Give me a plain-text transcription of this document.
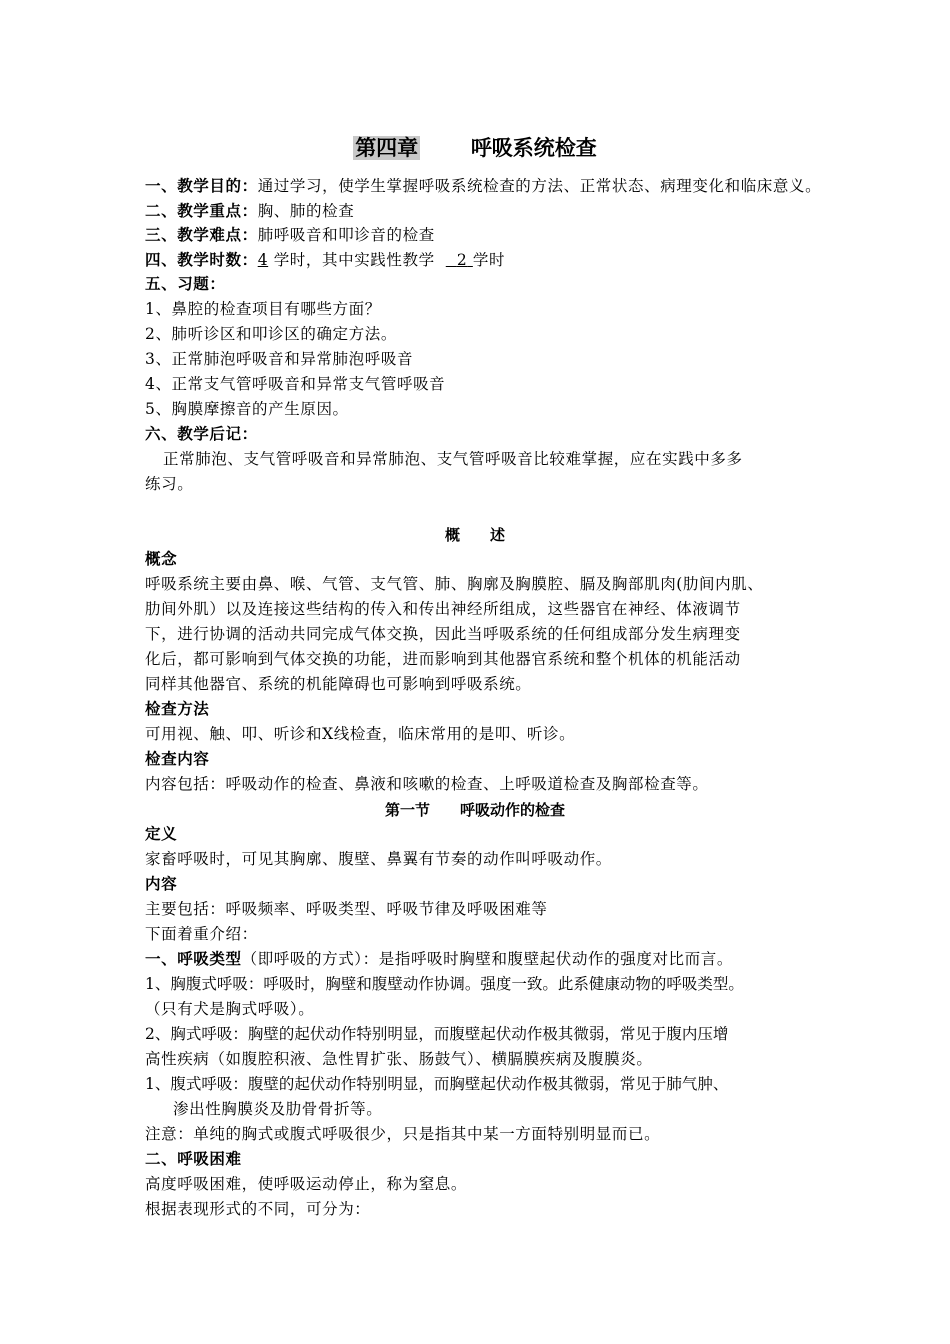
第四章	呼吸系统检查
一、教学目的：通过学习，使学生掌握呼吸系统检查的方法、正常状态、病理变化和临床意义。
二、教学重点：胸、肺的检查
三、教学难点：肺呼吸音和叩诊音的检查
四、教学时数：4 学时，其中实践性教学 2 学时
五、习题：
1、鼻腔的检查项目有哪些方面？
2、肺听诊区和叩诊区的确定方法。
3、正常肺泡呼吸音和异常肺泡呼吸音
4、正常支气管呼吸音和异常支气管呼吸音
5、胸膜摩擦音的产生原因。
六、教学后记：
正常肺泡、支气管呼吸音和异常肺泡、支气管呼吸音比较难掌握，应在实践中多多
练习。
概　　述
概念
呼吸系统主要由鼻、喉、气管、支气管、肺、胸廓及胸膜腔、膈及胸部肌肉(肋间内肌、
肋间外肌）以及连接这些结构的传入和传出神经所组成，这些器官在神经、体液调节
下，进行协调的活动共同完成气体交换，因此当呼吸系统的任何组成部分发生病理变
化后，都可影响到气体交换的功能，进而影响到其他器官系统和整个机体的机能活动
同样其他器官、系统的机能障碍也可影响到呼吸系统。
检查方法
可用视、触、叩、听诊和X线检查，临床常用的是叩、听诊。
检查内容
内容包括：呼吸动作的检查、鼻液和咳嗽的检查、上呼吸道检查及胸部检查等。
第一节　　呼吸动作的检查
定义
家畜呼吸时，可见其胸廓、腹壁、鼻翼有节奏的动作叫呼吸动作。
内容
主要包括：呼吸频率、呼吸类型、呼吸节律及呼吸困难等
下面着重介绍：
一、呼吸类型（即呼吸的方式）：是指呼吸时胸壁和腹壁起伏动作的强度对比而言。
1、胸腹式呼吸：呼吸时，胸壁和腹壁动作协调。强度一致。此系健康动物的呼吸类型。
（只有犬是胸式呼吸）。
2、胸式呼吸：胸壁的起伏动作特别明显，而腹壁起伏动作极其微弱，常见于腹内压增
高性疾病（如腹腔积液、急性胃扩张、肠鼓气）、横膈膜疾病及腹膜炎。
1、腹式呼吸：腹壁的起伏动作特别明显，而胸壁起伏动作极其微弱，常见于肺气肿、
渗出性胸膜炎及肋骨骨折等。
注意：单纯的胸式或腹式呼吸很少，只是指其中某一方面特别明显而已。
二、呼吸困难
高度呼吸困难，使呼吸运动停止，称为窒息。
根据表现形式的不同，可分为：
